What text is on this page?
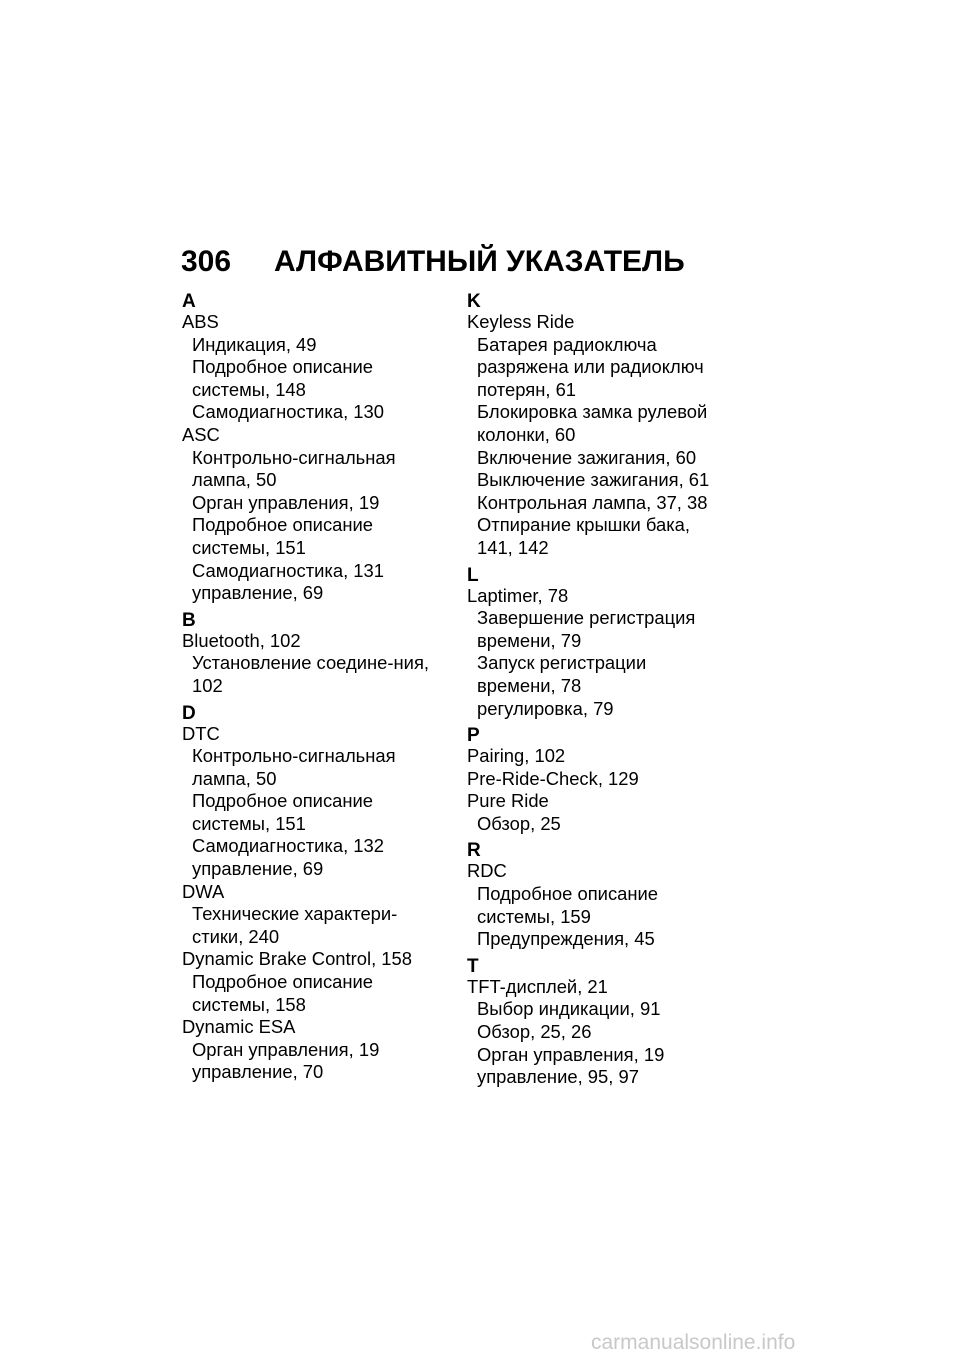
306 АЛФАВИТНЫЙ УКАЗАТЕЛЬ
A
ABS
Индикация, 49
Подробное описание системы, 148
Самодиагностика, 130
ASC
Контрольно-сигнальная лампа, 50
Орган управления, 19
Подробное описание системы, 151
Самодиагностика, 131
управление, 69
B
Bluetooth, 102
Установление соедине-ния, 102
D
DTC
Контрольно-сигнальная лампа, 50
Подробное описание системы, 151
Самодиагностика, 132
управление, 69
DWA
Технические характери-стики, 240
Dynamic Brake Control, 158
Подробное описание системы, 158
Dynamic ESA
Орган управления, 19
управление, 70
K
Keyless Ride
Батарея радиоключа разряжена или радиоключ потерян, 61
Блокировка замка рулевой колонки, 60
Включение зажигания, 60
Выключение зажигания, 61
Контрольная лампа, 37, 38
Отпирание крышки бака, 141, 142
L
Laptimer, 78
Завершение регистрация времени, 79
Запуск регистрации времени, 78
регулировка, 79
P
Pairing, 102
Pre-Ride-Check, 129
Pure Ride
Обзор, 25
R
RDC
Подробное описание системы, 159
Предупреждения, 45
T
TFT-дисплей, 21
Выбор индикации, 91
Обзор, 25, 26
Орган управления, 19
управление, 95, 97
carmanualsonline.info
